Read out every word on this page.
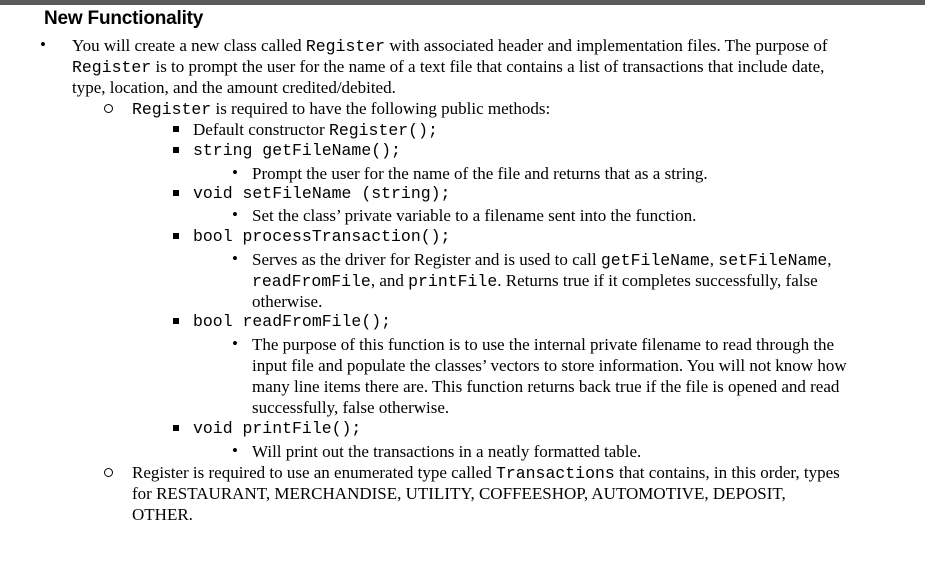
New Functionality
• You will create a new class called Register with associated header and implementation files. The purpose of
Register is to prompt the user for the name of a text file that contains a list of transactions that include date,
type, location, and the amount credited/debited.
Register is required to have the following public methods:
Default constructor Register();
string getFileName();
• Prompt the user for the name of the file and returns that as a string.
void setFileName (string);
• Set the class’ private variable to a filename sent into the function.
bool processTransaction();
• Serves as the driver for Register and is used to call getFileName, setFileName,
readFromFile, and printFile. Returns true if it completes successfully, false
otherwise.
bool readFromFile();
• The purpose of this function is to use the internal private filename to read through the
input file and populate the classes’ vectors to store information. You will not know how
many line items there are. This function returns back true if the file is opened and read
successfully, false otherwise.
void printFile();
• Will print out the transactions in a neatly formatted table.
Register is required to use an enumerated type called Transactions that contains, in this order, types
for RESTAURANT, MERCHANDISE, UTILITY, COFFEESHOP, AUTOMOTIVE, DEPOSIT,
OTHER.
